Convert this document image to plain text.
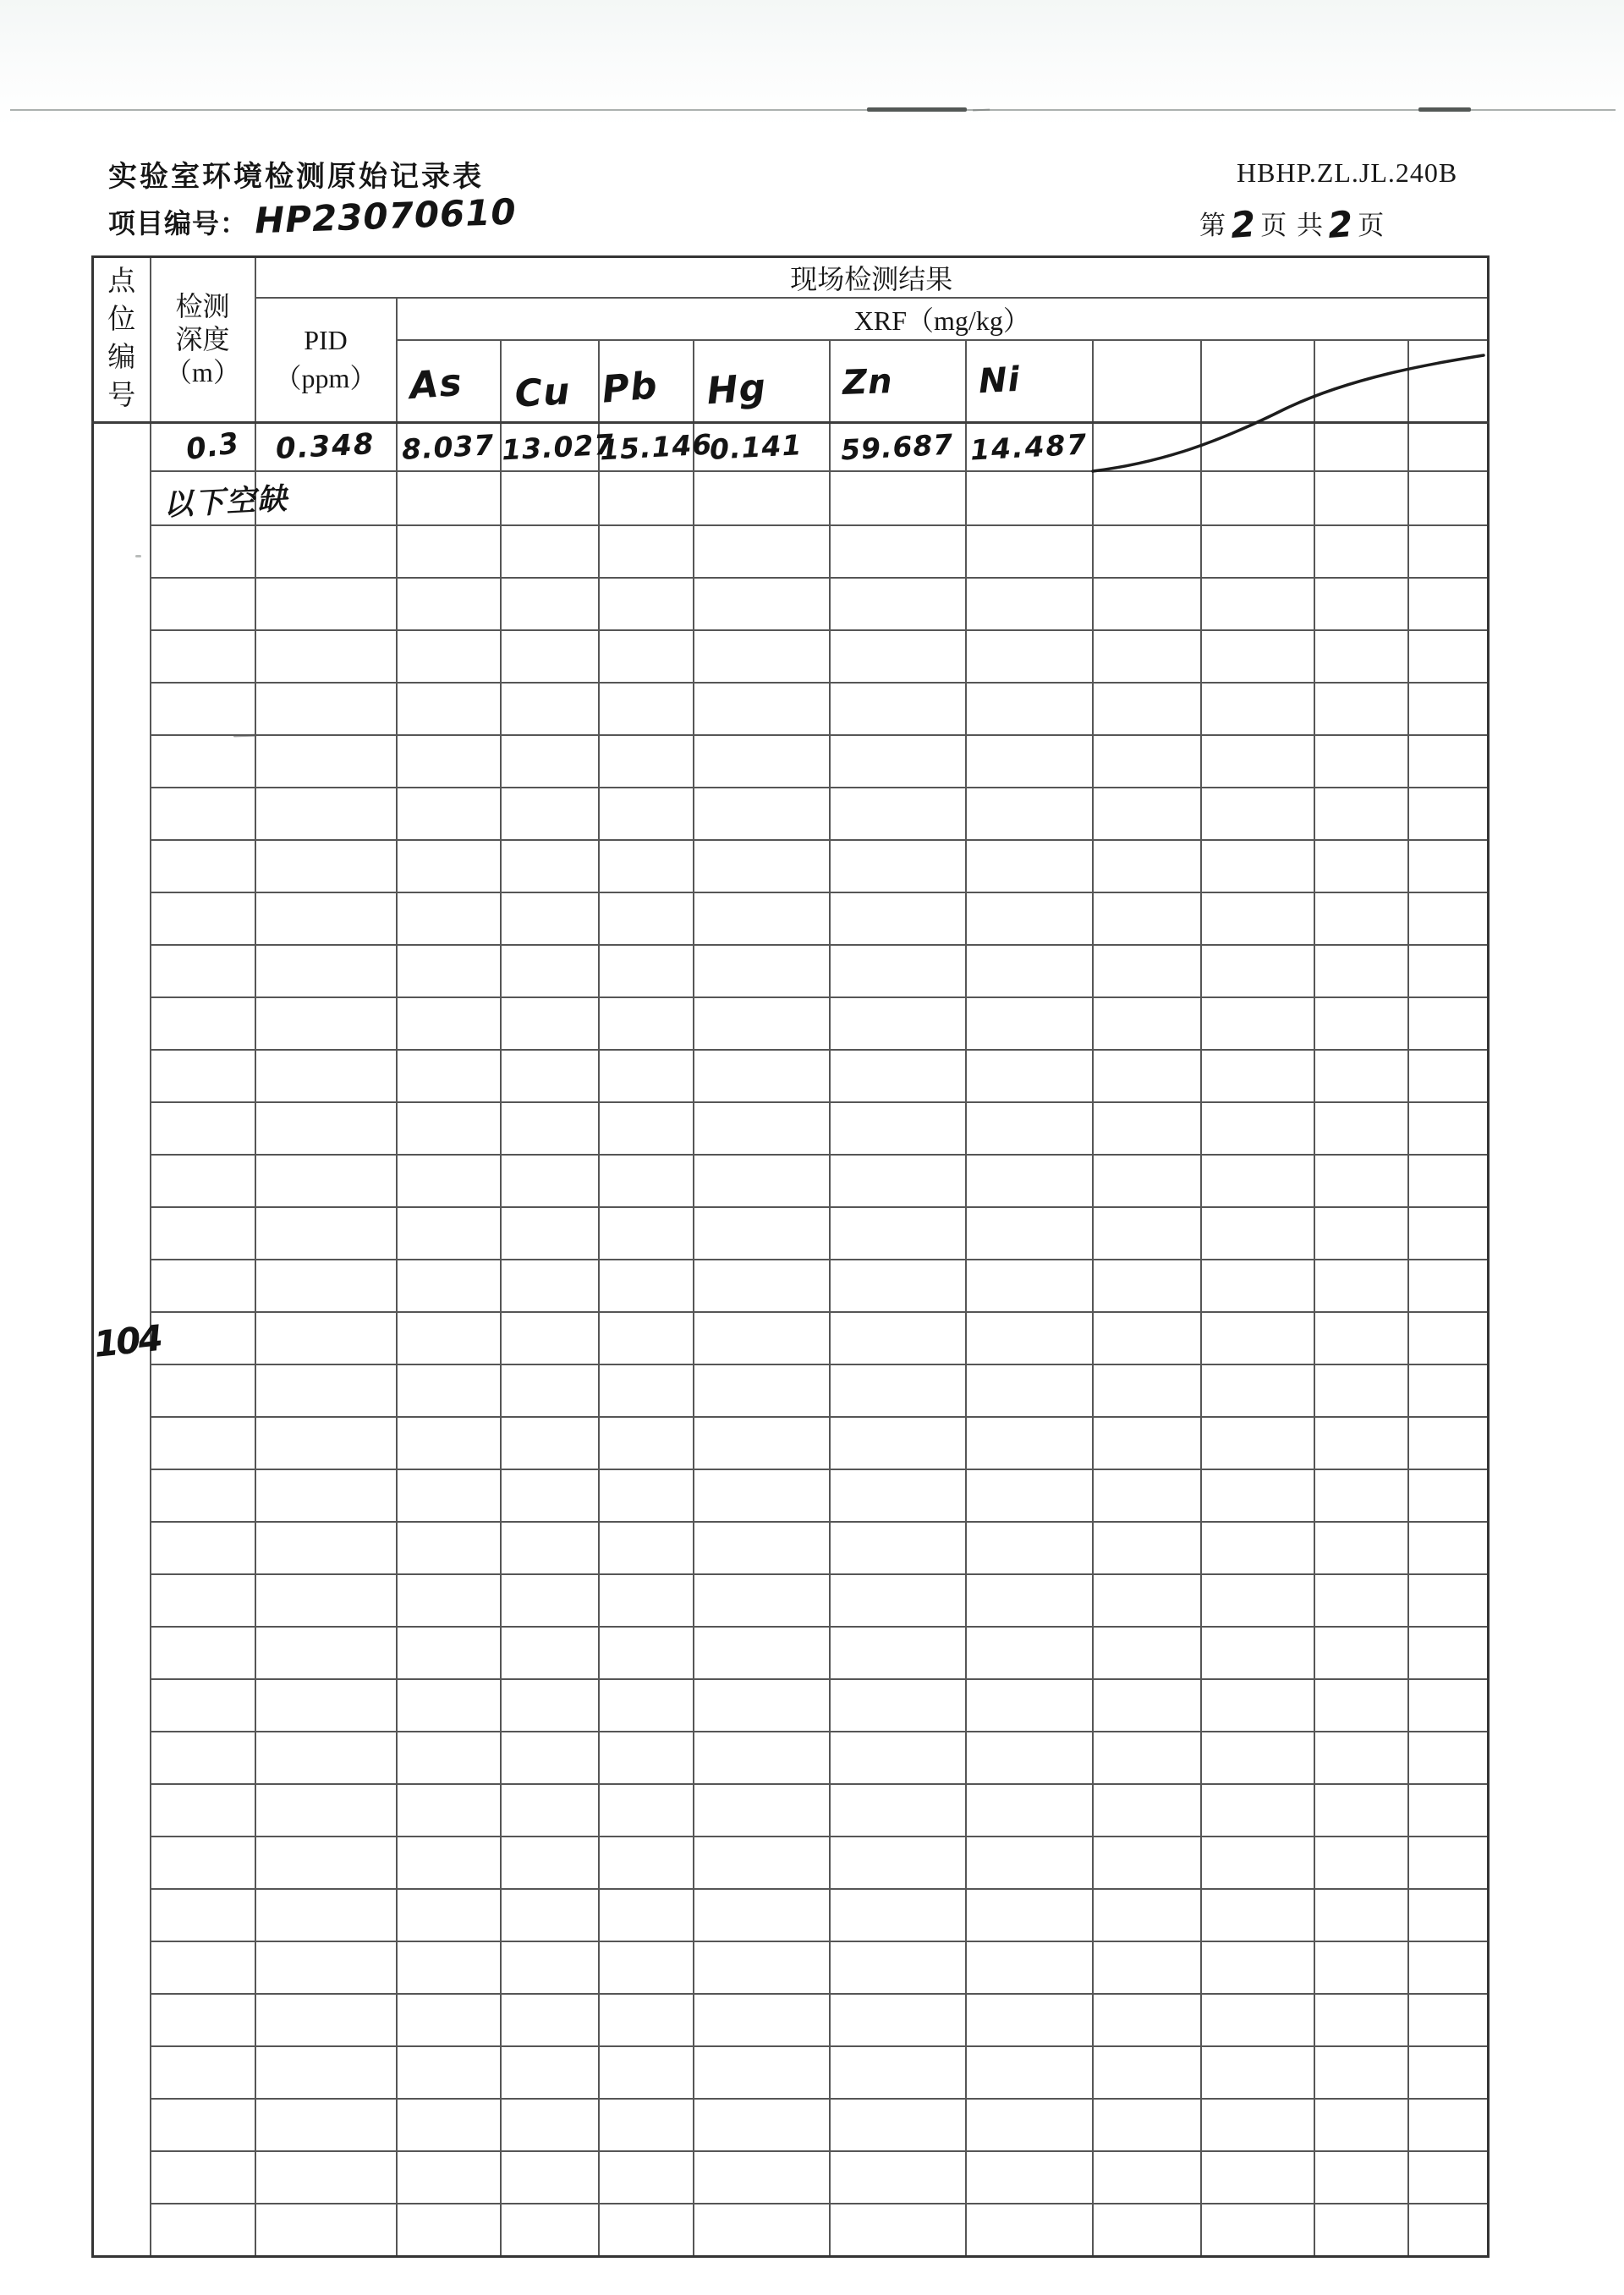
实验室环境检测原始记录表
项目编号： HP23070610
HBHP.ZL.JL.240B
第2页 共2页
点位编号	检测
深度
（m）	现场检测结果										

		PID
（ppm）	XRF（mg/kg）									
			As	Cu	Pb	Hg	Zn	Ni				
104	0.3	0.348	8.037	13.027	15.146	0.141	59.687	14.487				
	以下空缺											
